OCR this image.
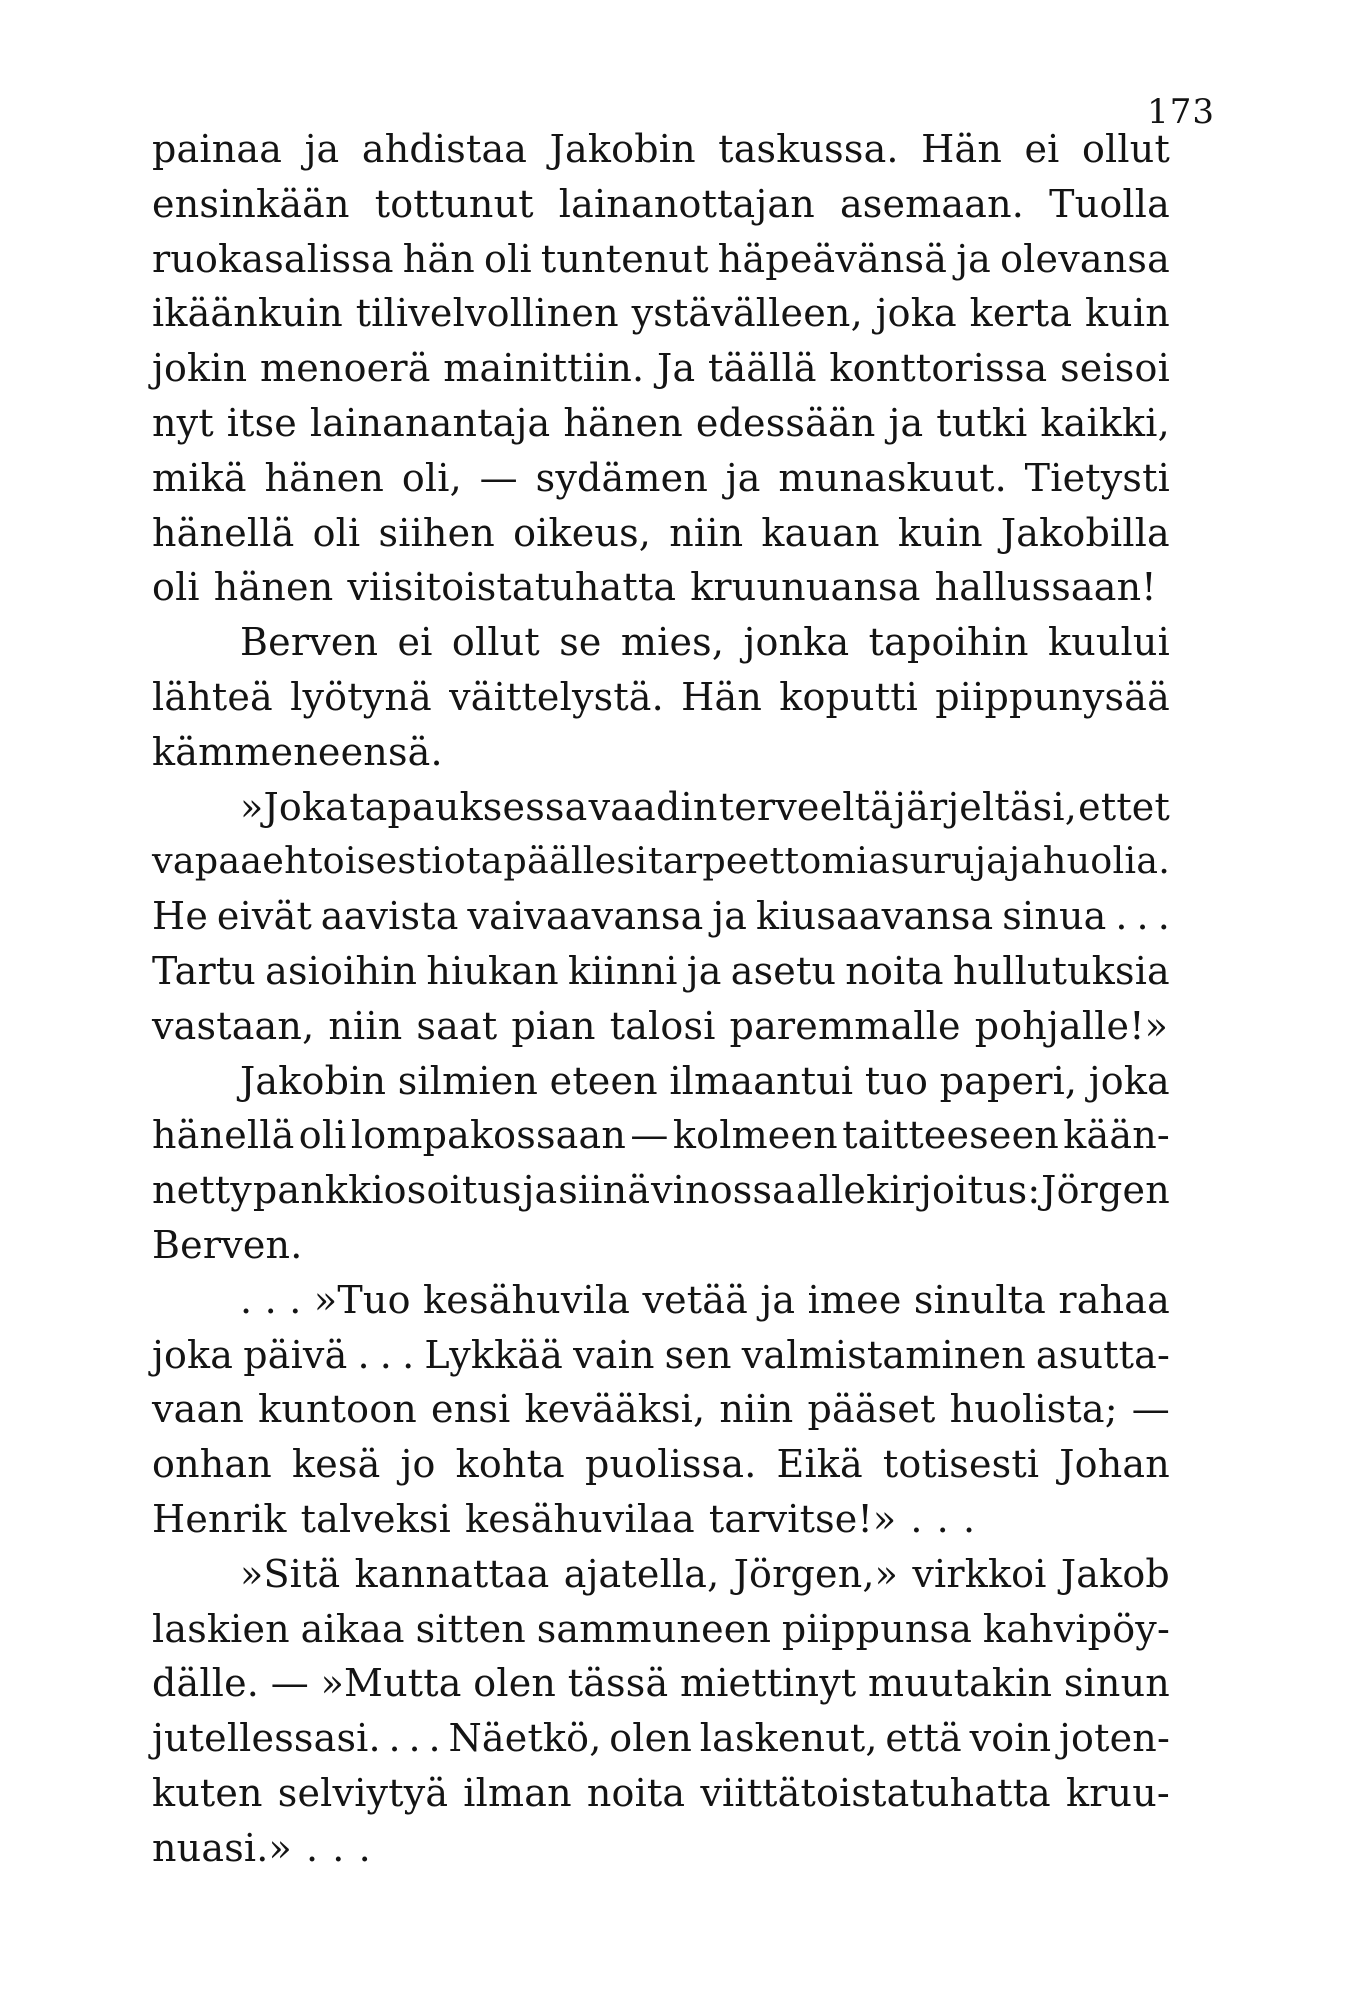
173
painaa ja ahdistaa Jakobin taskussa. Hän ei ollut
ensinkään tottunut lainanottajan asemaan. Tuolla
ruokasalissa hän oli tuntenut häpeävänsä ja olevansa
ikäänkuin tilivelvollinen ystävälleen, joka kerta kuin
jokin menoerä mainittiin. Ja täällä konttorissa seisoi
nyt itse lainanantaja hänen edessään ja tutki kaikki,
mikä hänen oli, — sydämen ja munaskuut. Tietysti
hänellä oli siihen oikeus, niin kauan kuin Jakobilla
oli hänen viisitoistatuhatta kruunuansa hallussaan!
Berven ei ollut se mies, jonka tapoihin kuului
lähteä lyötynä väittelystä. Hän koputti piippunysää
kämmeneensä.
»Joka tapauksessa vaadin terveeltä järjeltäsi, ettet
vapaaehtoisesti ota päällesi tarpeettomia suruja ja huolia.
He eivät aavista vaivaavansa ja kiusaavansa sinua . . .
Tartu asioihin hiukan kiinni ja asetu noita hullutuksia
vastaan, niin saat pian talosi paremmalle pohjalle!»
Jakobin silmien eteen ilmaantui tuo paperi, joka
hänellä oli lompakossaan — kolmeen taitteeseen kään-
netty pankkiosoitus ja siinä vinossa allekirjoitus: Jörgen
Berven.
. . . »Tuo kesähuvila vetää ja imee sinulta rahaa
joka päivä . . . Lykkää vain sen valmistaminen asutta-
vaan kuntoon ensi kevääksi, niin pääset huolista; —
onhan kesä jo kohta puolissa. Eikä totisesti Johan
Henrik talveksi kesähuvilaa tarvitse!» . . .
»Sitä kannattaa ajatella, Jörgen,» virkkoi Jakob
laskien aikaa sitten sammuneen piippunsa kahvipöy-
dälle. — »Mutta olen tässä miettinyt muutakin sinun
jutellessasi. . . . Näetkö, olen laskenut, että voin joten-
kuten selviytyä ilman noita viittätoistatuhatta kruu-
nuasi.» . . .
